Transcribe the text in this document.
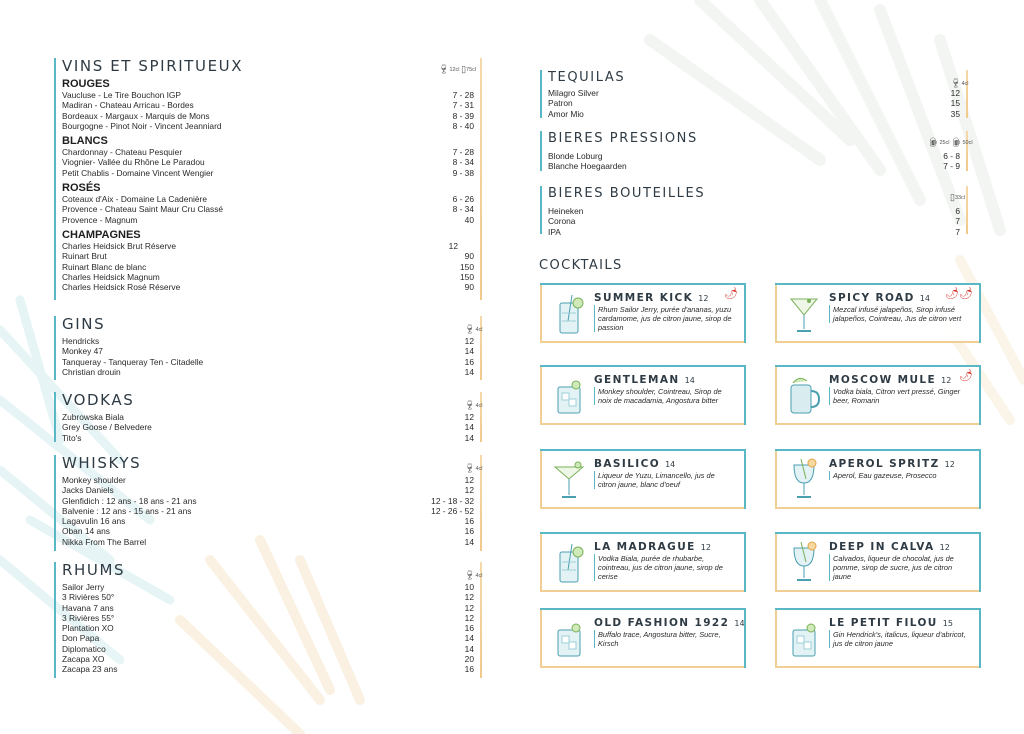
VINS ET SPIRITUEUX	🍷︎12cl ▯75cl
ROUGES
Vaucluse - Le Tire Bouchon IGP	7 - 28
Madiran - Chateau Arricau - Bordes	7 - 31
Bordeaux - Margaux - Marquis de Mons	8 - 39
Bourgogne - Pinot Noir - Vincent Jeanniard	8 - 40
BLANCS
Chardonnay - Chateau Pesquier	7 - 28
Viognier- Vallée du Rhône Le Paradou	8 - 34
Petit Chablis - Domaine Vincent Wengier	9 - 38
ROSÉS
Coteaux d'Aix - Domaine La Cadenière	6 - 26
Provence - Chateau Saint Maur Cru Classé	8 - 34
Provence - Magnum	40
CHAMPAGNES
Charles Heidsick Brut Réserve	12
Ruinart Brut	90
Ruinart Blanc de blanc	150
Charles Heidsick Magnum	150
Charles Heidsick Rosé Réserve	90
GINS	🍷︎4cl
Hendricks	12
Monkey 47	14
Tanqueray - Tanqueray Ten - Citadelle	16
Christian drouin	14
VODKAS	🍷︎4cl
Zubrowska Biala	12
Grey Goose / Belvedere	14
Tito's	14
WHISKYS	🍷︎4cl
Monkey shoulder	12
Jacks Daniels	12
Glenfidich : 12 ans - 18 ans - 21 ans	12 - 18 - 32
Balvenie : 12 ans - 15 ans - 21 ans	12 - 26 - 52
Lagavulin 16 ans	16
Oban 14 ans	16
Nikka From The Barrel	14
RHUMS	🍷︎4cl
Sailor Jerry	10
3 Rivières 50°	12
Havana 7 ans	12
3 Rivières 55°	12
Plantation XO	16
Don Papa	14
Diplomatico	14
Zacapa XO	20
Zacapa 23 ans	16
TEQUILAS	🍷︎4cl
Milagro Silver	12
Patron	15
Amor Mio	35
BIERES PRESSIONS	🍺︎25cl 🍺︎50cl
Blonde Loburg	6 - 8
Blanche Hoegaarden	7 - 9
BIERES BOUTEILLES	▯33cl
Heineken	6
Corona	7
IPA	7
COCKTAILS
SUMMER KICK 12
Rhum Sailor Jerry, purée d'ananas, yuzu cardamome, jus de citron jaune, sirop de passion
🌶	SPICY ROAD 14
Mezcal infusé jalapeños, Sirop infusé jalapeños, Cointreau, Jus de citron vert
🌶🌶
GENTLEMAN 14
Monkey shoulder, Cointreau, Sirop de noix de macadamia, Angostura bitter
MOSCOW MULE 12
Vodka biala, Citron vert pressé, Ginger beer, Romarin
🌶
BASILICO 14
Liqueur de Yuzu, Limancello, jus de citron jaune, blanc d'oeuf
APEROL SPRITZ 12
Aperol, Eau gazeuse, Prosecco
LA MADRAGUE 12
Vodka Biala, purée de rhubarbe, cointreau, jus de citron jaune, sirop de cerise
DEEP IN CALVA 12
Calvados, liqueur de chocolat, jus de pomme, sirop de sucre, jus de citron jaune
OLD FASHION 1922 14
Buffalo trace, Angostura bitter, Sucre, Kirsch
LE PETIT FILOU 15
Gin Hendrick's, italicus, liqueur d'abricot, jus de citron jaune
